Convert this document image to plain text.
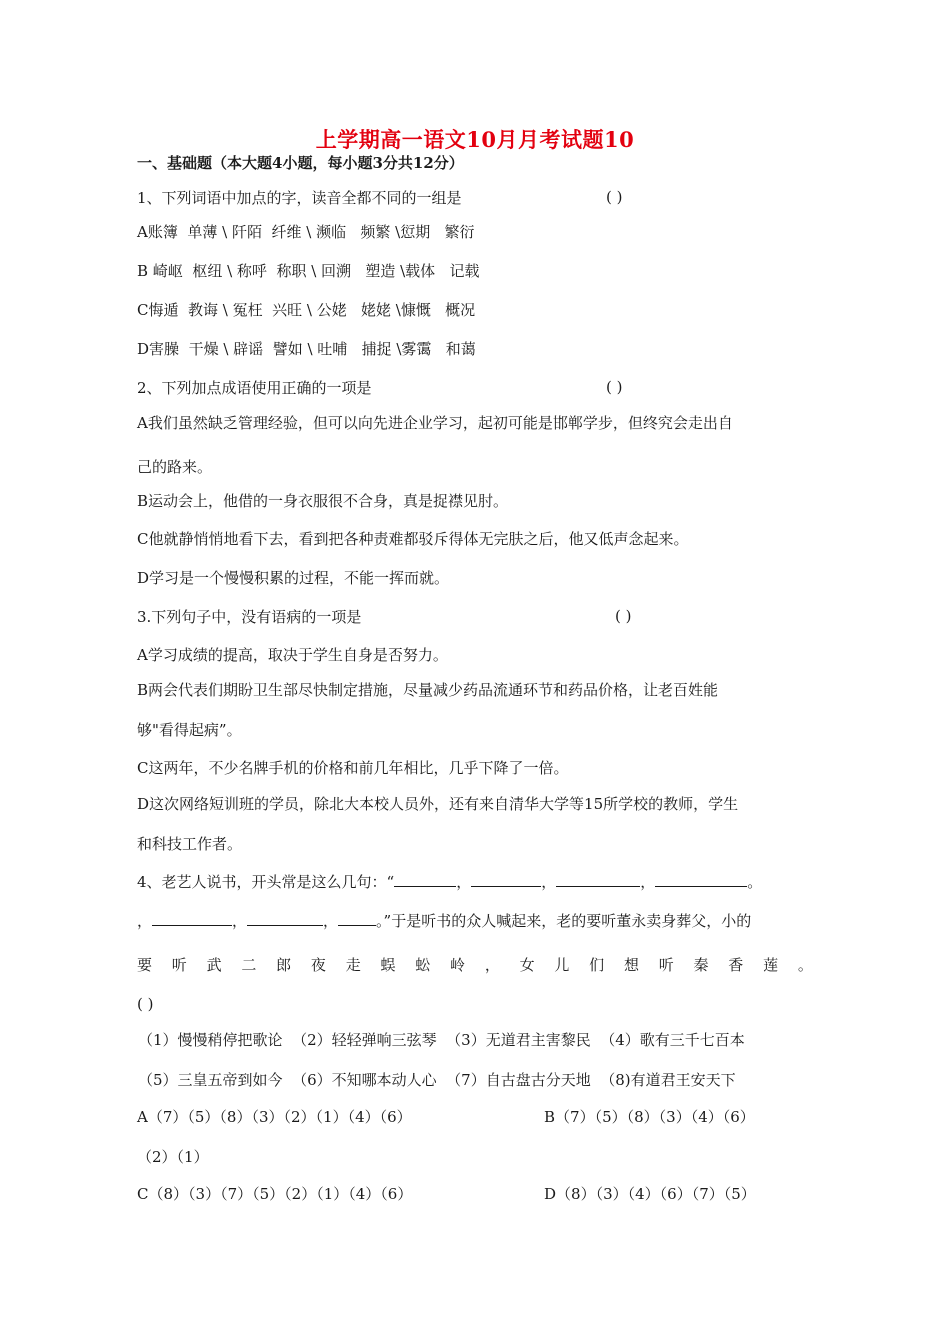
上学期高一语文10月月考试题10
一、基础题（本大题4小题，每小题3分共12分）
1、下列词语中加点的字，读音全都不同的一组是	( )
A账簿  单薄 \ 阡陌  纤维 \ 濒临   频繁 \愆期   繁衍
B 崎岖  枢纽 \ 称呼  称职 \ 回溯   塑造 \载体   记载
C悔遁  教诲 \ 冤枉  兴旺 \ 公姥   姥姥 \慷慨   概况
D害臊  干燥 \ 辟谣  譬如 \ 吐哺   捕捉 \雾霭   和蔼
2、下列加点成语使用正确的一项是	( )
A我们虽然缺乏管理经验，但可以向先进企业学习，起初可能是邯郸学步，但终究会走出自
己的路来。
B运动会上，他借的一身衣服很不合身，真是捉襟见肘。
C他就静悄悄地看下去，看到把各种责难都驳斥得体无完肤之后，他又低声念起来。
D学习是一个慢慢积累的过程，不能一挥而就。
3.下列句子中，没有语病的一项是	( )
A学习成绩的提高，取决于学生自身是否努力。
B两会代表们期盼卫生部尽快制定措施，尽量减少药品流通环节和药品价格，让老百姓能
够"看得起病”。
C这两年，不少名牌手机的价格和前几年相比，几乎下降了一倍。
D这次网络短训班的学员，除北大本校人员外，还有来自清华大学等15所学校的教师，学生
和科技工作者。
4、老艺人说书，开头常是这么几句：“	，	，	，	。
，	，	，	。”于是听书的众人喊起来，老的要听董永卖身葬父，小的
要 听 武 二 郎 夜 走 蜈 蚣 岭 ， 女 儿 们 想 听 秦 香 莲 。
( )
（1）慢慢稍停把歌论  （2）轻轻弹响三弦琴  （3）无道君主害黎民  （4）歌有三千七百本
（5）三皇五帝到如今  （6）不知哪本动人心  （7）自古盘古分天地  （8)有道君王安天下
A（7）（5）（8）（3）（2）（1）（4）（6）	B（7）（5）（8）（3）（4）（6）
（2）（1）
C（8）（3）（7）（5）（2）（1）（4）（6）	D（8）（3）（4）（6）（7）（5）
